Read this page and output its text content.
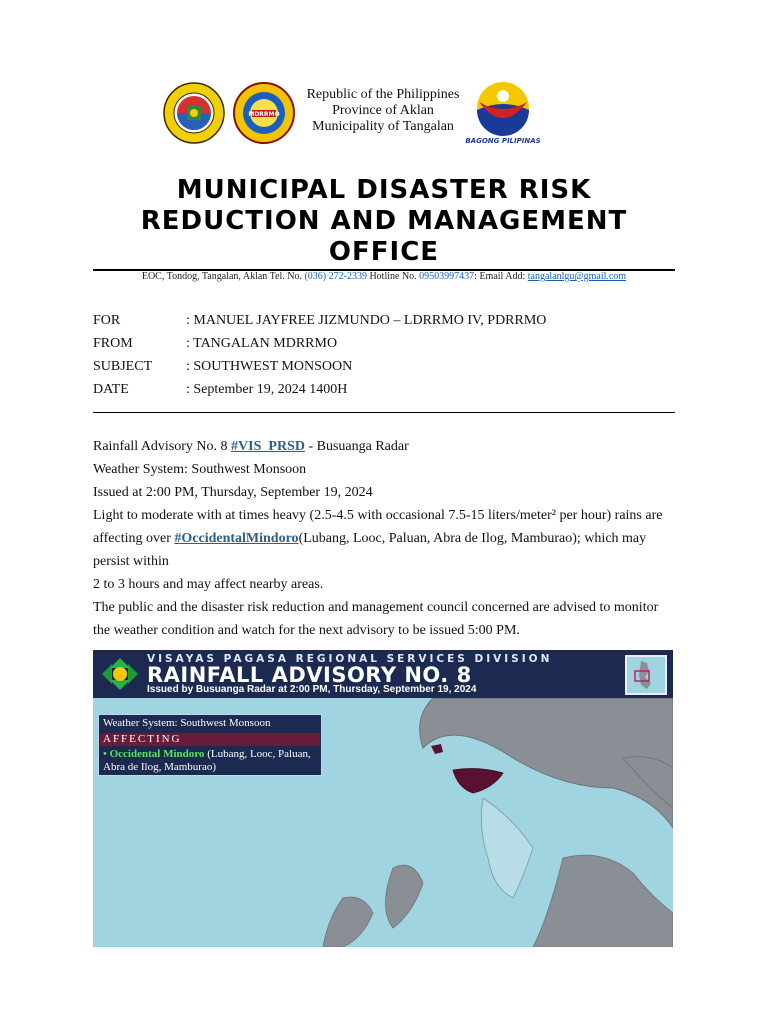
MDRRMO
Republic of the Philippines
Province of Aklan
Municipality of Tangalan
BAGONG PILIPINAS
MUNICIPAL DISASTER RISK REDUCTION AND MANAGEMENT OFFICE
EOC, Tondog, Tangalan, Aklan Tel. No. (036) 272-2339 Hotline No. 09503997437: Email Add: tangalanlgu@gmail.com
FOR	: MANUEL JAYFREE JIZMUNDO – LDRRMO IV, PDRRMO
FROM	: TANGALAN MDRRMO
SUBJECT	: SOUTHWEST MONSOON
DATE	: September 19, 2024 1400H

Rainfall Advisory No. 8 #VIS_PRSD - Busuanga Radar

Weather System: Southwest Monsoon

Issued at 2:00 PM, Thursday, September 19, 2024

Light to moderate with at times heavy (2.5-4.5 with occasional 7.5-15 liters/meter² per hour) rains are affecting over #OccidentalMindoro(Lubang, Looc, Paluan, Abra de Ilog, Mamburao); which may persist within

2 to 3 hours and may affect nearby areas.

The public and the disaster risk reduction and management council concerned are advised to monitor the weather condition and watch for the next advisory to be issued 5:00 PM.

VISAYAS PAGASA REGIONAL SERVICES DIVISION
RAINFALL ADVISORY NO. 8
Issued by Busuanga Radar at 2:00 PM, Thursday, September 19, 2024
Weather System: Southwest Monsoon
AFFECTING
• Occidental Mindoro (Lubang, Looc, Paluan, Abra de Ilog, Mamburao)
